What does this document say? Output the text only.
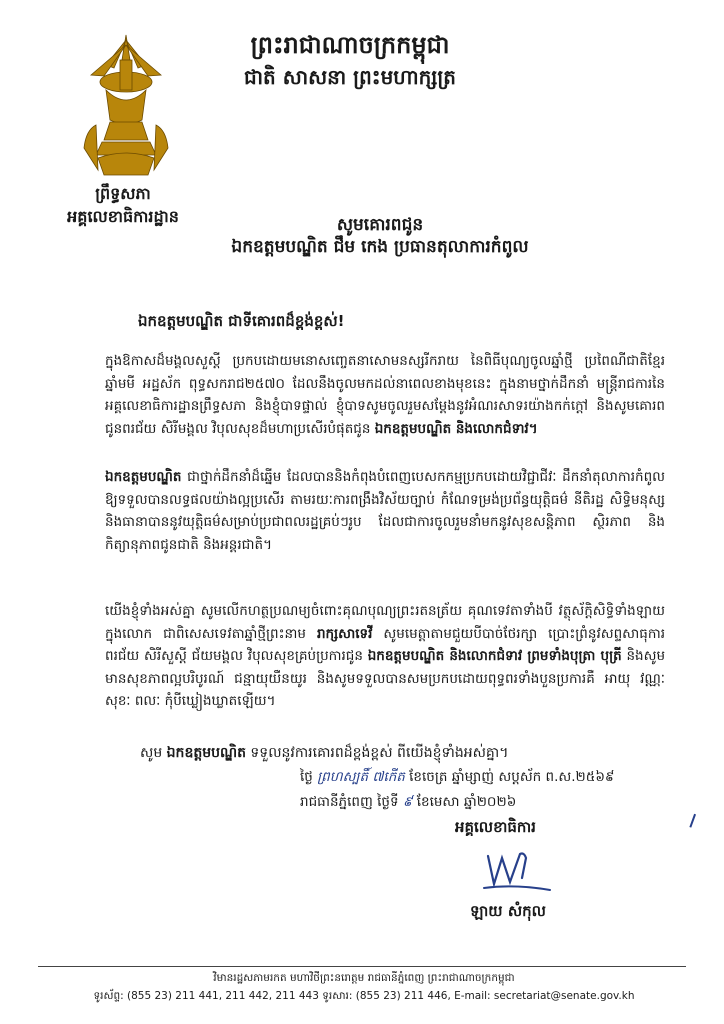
ព្រះរាជាណាចក្រកម្ពុជា
ជាតិ សាសនា ព្រះមហាក្សត្រ
ព្រឹទ្ធសភា
អគ្គលេខាធិការដ្ឋាន	សូមគោរពជូន
ឯកឧត្តមបណ្ឌិត ជឹម កេង ប្រធានតុលាការកំពូល
ឯកឧត្តមបណ្ឌិត ជាទីគោរពដ៏ខ្ពង់ខ្ពស់!
ក្នុងឱកាសដ៏មង្គលសួស្តី ប្រកបដោយមនោសញ្ចេតនាសោមនស្សរីករាយ នៃពិធីបុណ្យចូលឆ្នាំថ្មី ប្រពៃណីជាតិខ្មែរ ឆ្នាំមមី អដ្ឋស័ក ពុទ្ធសករាជ២៥៧០ ដែលនឹងចូលមកដល់នាពេលខាងមុខនេះ ក្នុងនាមថ្នាក់ដឹកនាំ មន្ត្រីរាជការនៃអគ្គលេខាធិការដ្ឋានព្រឹទ្ធសភា និងខ្ញុំបាទផ្ទាល់ ខ្ញុំបាទសូមចូលរួមសម្តែងនូវអំណរសាទរយ៉ាងកក់ក្តៅ និងសូមគោរពជូនពរជ័យ សិរីមង្គល វិបុលសុខដ៏មហាប្រសើរបំផុតជូន ឯកឧត្តមបណ្ឌិត និងលោកជំទាវ។
ឯកឧត្តមបណ្ឌិត ជាថ្នាក់ដឹកនាំដ៏ឆ្នើម ដែលបាននិងកំពុងបំពេញបេសកកម្មប្រកបដោយវិជ្ជាជីវៈ ដឹកនាំតុលាការកំពូលឱ្យទទួលបានលទ្ធផលយ៉ាងល្អប្រសើរ តាមរយៈការពង្រឹងវិស័យច្បាប់ កំណែទម្រង់ប្រព័ន្ធយុត្តិធម៌ នីតិរដ្ឋ សិទ្ធិមនុស្ស និងធានាបាននូវយុត្តិធម៌សម្រាប់ប្រជាពលរដ្ឋគ្រប់ៗរូប ដែលជាការចូលរួមនាំមកនូវសុខសន្តិភាព ស្ថិរភាព និងកិត្យានុភាពជូនជាតិ និងអន្តរជាតិ។
យើងខ្ញុំទាំងអស់គ្នា សូមលើកហត្ថប្រណម្យចំពោះគុណបុណ្យព្រះរតនត្រ័យ គុណទេវតាទាំងបី វត្ថុស័ក្តិសិទ្ធិទាំងឡាយក្នុងលោក ជាពិសេសទេវតាឆ្នាំថ្មីព្រះនាម រាក្សសាទេវី សូមមេត្តាតាមជួយបីបាច់ថែរក្សា ប្រោះព្រំនូវសព្ទសាធុការពរជ័យ សិរីសួស្តី ជ័យមង្គល វិបុលសុខគ្រប់ប្រការជូន ឯកឧត្តមបណ្ឌិត និងលោកជំទាវ ព្រមទាំងបុត្រា បុត្រី និងសូមមានសុខភាពល្អបរិបូរណ៍ ជន្មាយុយឺនយូរ និងសូមទទួលបានសមប្រកបដោយពុទ្ធពរទាំងបួនប្រការគឺ អាយុ វណ្ណៈ សុខៈ ពលៈ កុំបីឃ្លៀងឃ្លាតឡើយ។
សូម ឯកឧត្តមបណ្ឌិត ទទួលនូវការគោរពដ៏ខ្ពង់ខ្ពស់ ពីយើងខ្ញុំទាំងអស់គ្នា។
ថ្ងៃ ព្រហស្បតិ៍ ៧កើត ខែចេត្រ ឆ្នាំម្សាញ់ សប្តស័ក ព.ស.២៥៦៩
រាជធានីភ្នំពេញ ថ្ងៃទី ៩ ខែមេសា ឆ្នាំ២០២៦
អគ្គលេខាធិការ
ឡាយ សំកុល
វិមានរដ្ឋសភាមរកត មហាវិថីព្រះនរោត្តម រាជធានីភ្នំពេញ ព្រះរាជាណាចក្រកម្ពុជា
ទូរស័ព្ទ: (855 23) 211 441, 211 442, 211 443 ទូរសារ: (855 23) 211 446, E-mail: secretariat@senate.gov.kh
